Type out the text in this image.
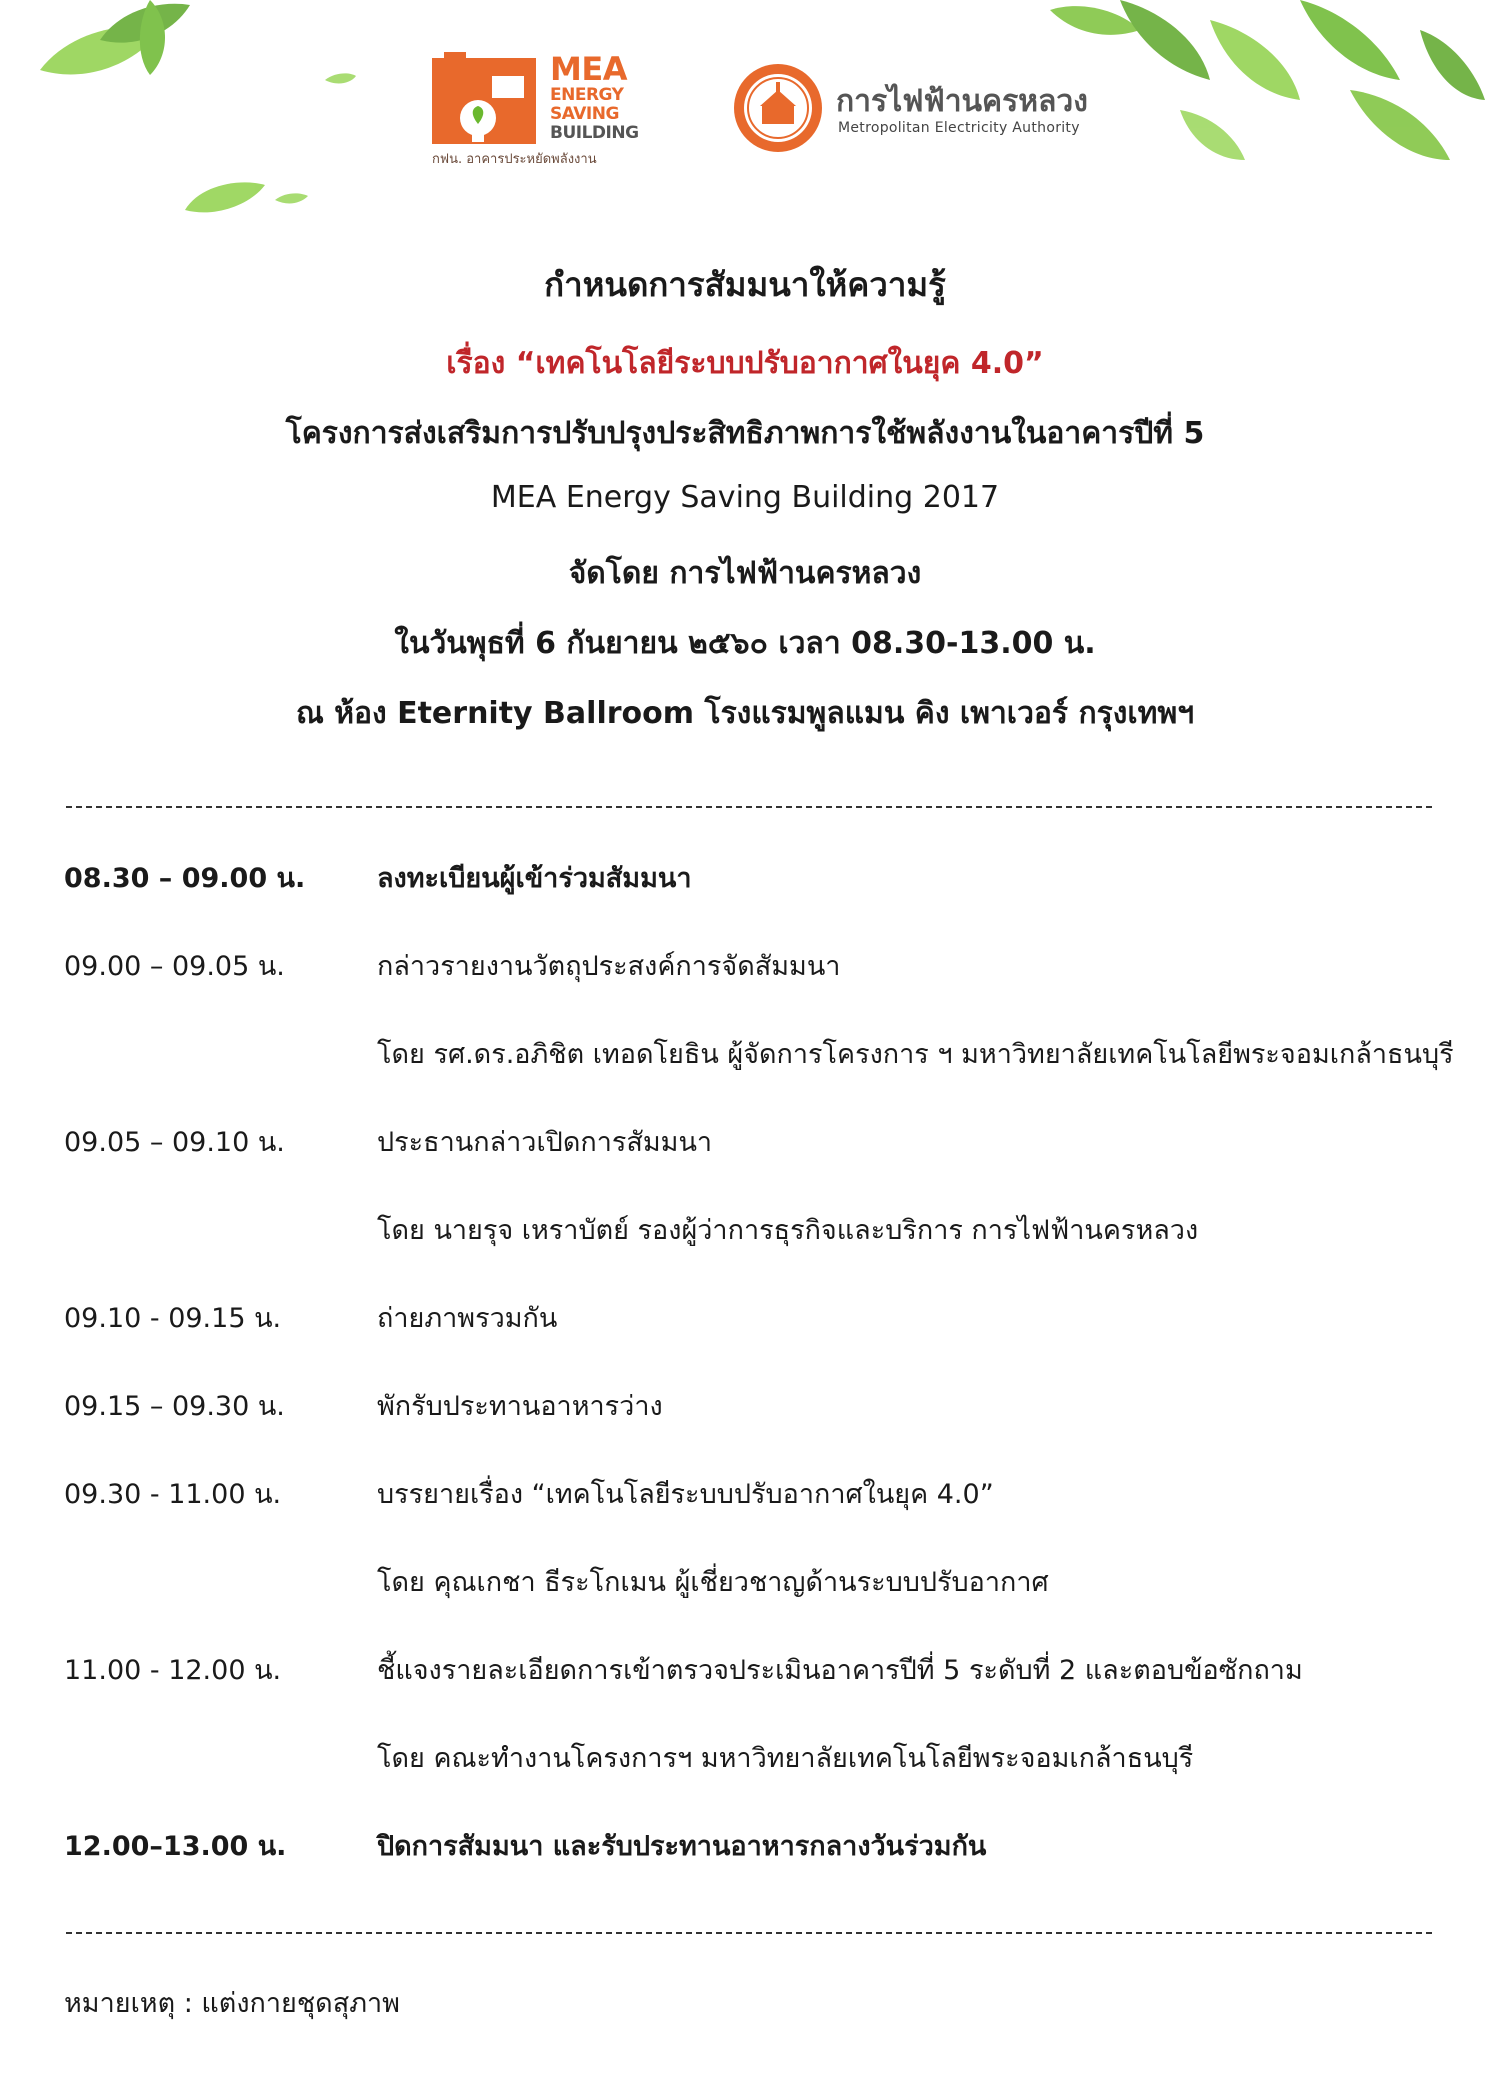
MEA
ENERGY
SAVING
BUILDING
กฟน. อาคารประหยัดพลังงาน
การไฟฟ้านครหลวง
Metropolitan Electricity Authority
กำหนดการสัมมนาให้ความรู้
เรื่อง “เทคโนโลยีระบบปรับอากาศในยุค 4.0”
โครงการส่งเสริมการปรับปรุงประสิทธิภาพการใช้พลังงานในอาคารปีที่ 5
MEA Energy Saving Building 2017
จัดโดย การไฟฟ้านครหลวง
ในวันพุธที่ 6 กันยายน ๒๕๖๐ เวลา 08.30-13.00 น.
ณ ห้อง Eternity Ballroom โรงแรมพูลแมน คิง เพาเวอร์ กรุงเทพฯ
08.30 – 09.00 น.	ลงทะเบียนผู้เข้าร่วมสัมมนา
09.00 – 09.05 น.	กล่าวรายงานวัตถุประสงค์การจัดสัมมนา
โดย รศ.ดร.อภิชิต เทอดโยธิน ผู้จัดการโครงการ ฯ มหาวิทยาลัยเทคโนโลยีพระจอมเกล้าธนบุรี
09.05 – 09.10 น.	ประธานกล่าวเปิดการสัมมนา
โดย นายรุจ เหราบัตย์ รองผู้ว่าการธุรกิจและบริการ การไฟฟ้านครหลวง
09.10 - 09.15 น.	ถ่ายภาพรวมกัน
09.15 – 09.30 น.	พักรับประทานอาหารว่าง
09.30 - 11.00 น.	บรรยายเรื่อง “เทคโนโลยีระบบปรับอากาศในยุค 4.0”
โดย คุณเกชา ธีระโกเมน ผู้เชี่ยวชาญด้านระบบปรับอากาศ
11.00 - 12.00 น.	ชี้แจงรายละเอียดการเข้าตรวจประเมินอาคารปีที่ 5 ระดับที่ 2 และตอบข้อซักถาม
โดย คณะทำงานโครงการฯ มหาวิทยาลัยเทคโนโลยีพระจอมเกล้าธนบุรี
12.00–13.00 น.	ปิดการสัมมนา และรับประทานอาหารกลางวันร่วมกัน
หมายเหตุ : แต่งกายชุดสุภาพ
